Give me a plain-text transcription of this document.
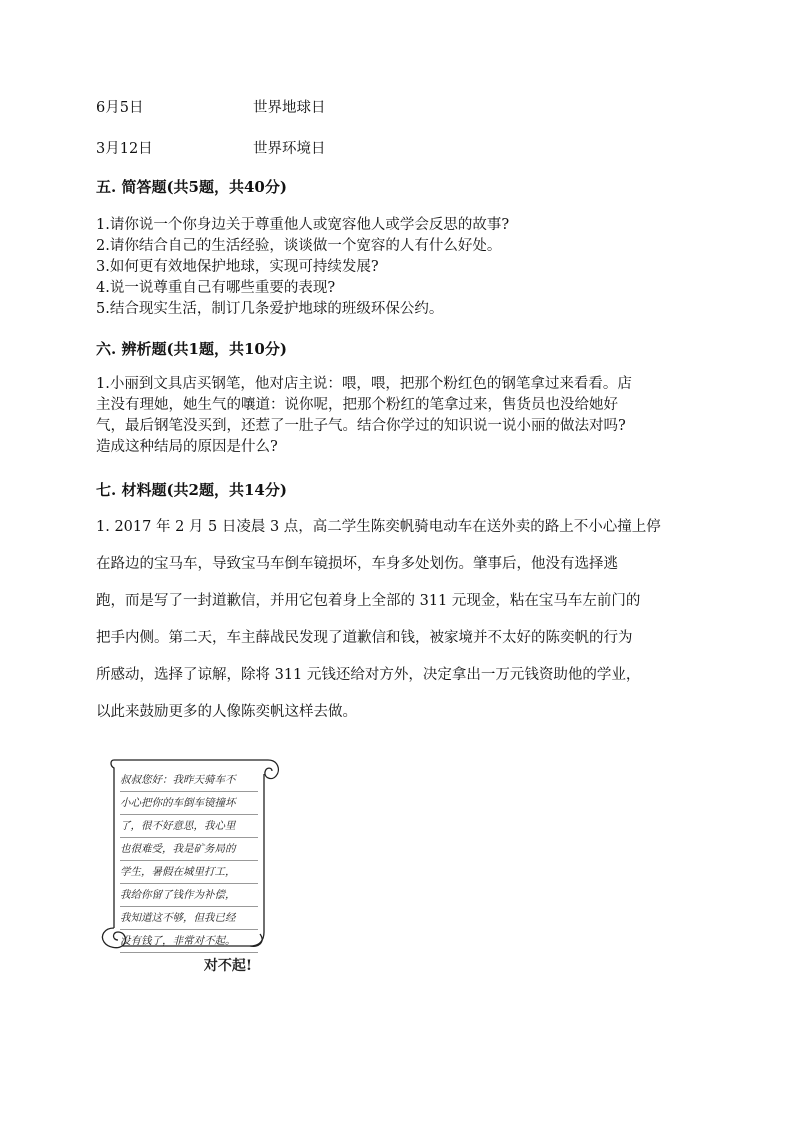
6月5日	世界地球日
3月12日	世界环境日
五. 简答题(共5题，共40分)
1.请你说一个你身边关于尊重他人或宽容他人或学会反思的故事?
2.请你结合自己的生活经验，谈谈做一个宽容的人有什么好处。
3.如何更有效地保护地球，实现可持续发展?
4.说一说尊重自己有哪些重要的表现?
5.结合现实生活，制订几条爱护地球的班级环保公约。
六. 辨析题(共1题，共10分)
1.小丽到文具店买钢笔，他对店主说：喂，喂，把那个粉红色的钢笔拿过来看看。店
主没有理她，她生气的嚷道：说你呢，把那个粉红的笔拿过来，售货员也没给她好
气，最后钢笔没买到，还惹了一肚子气。结合你学过的知识说一说小丽的做法对吗?
造成这种结局的原因是什么?
七. 材料题(共2题，共14分)
1. 2017 年 2 月 5 日凌晨 3 点，高二学生陈奕帆骑电动车在送外卖的路上不小心撞上停
在路边的宝马车，导致宝马车倒车镜损坏，车身多处划伤。肇事后，他没有选择逃
跑，而是写了一封道歉信，并用它包着身上全部的 311 元现金，粘在宝马车左前门的
把手内侧。第二天，车主薛战民发现了道歉信和钱，被家境并不太好的陈奕帆的行为
所感动，选择了谅解，除将 311 元钱还给对方外，决定拿出一万元钱资助他的学业，
以此来鼓励更多的人像陈奕帆这样去做。
叔叔您好：我昨天骑车不
小心把你的车倒车镜撞坏
了，很不好意思，我心里
也很难受，我是矿务局的
学生，暑假在城里打工，
我给你留了钱作为补偿，
我知道这不够，但我已经
没有钱了，非常对不起。
对不起!
